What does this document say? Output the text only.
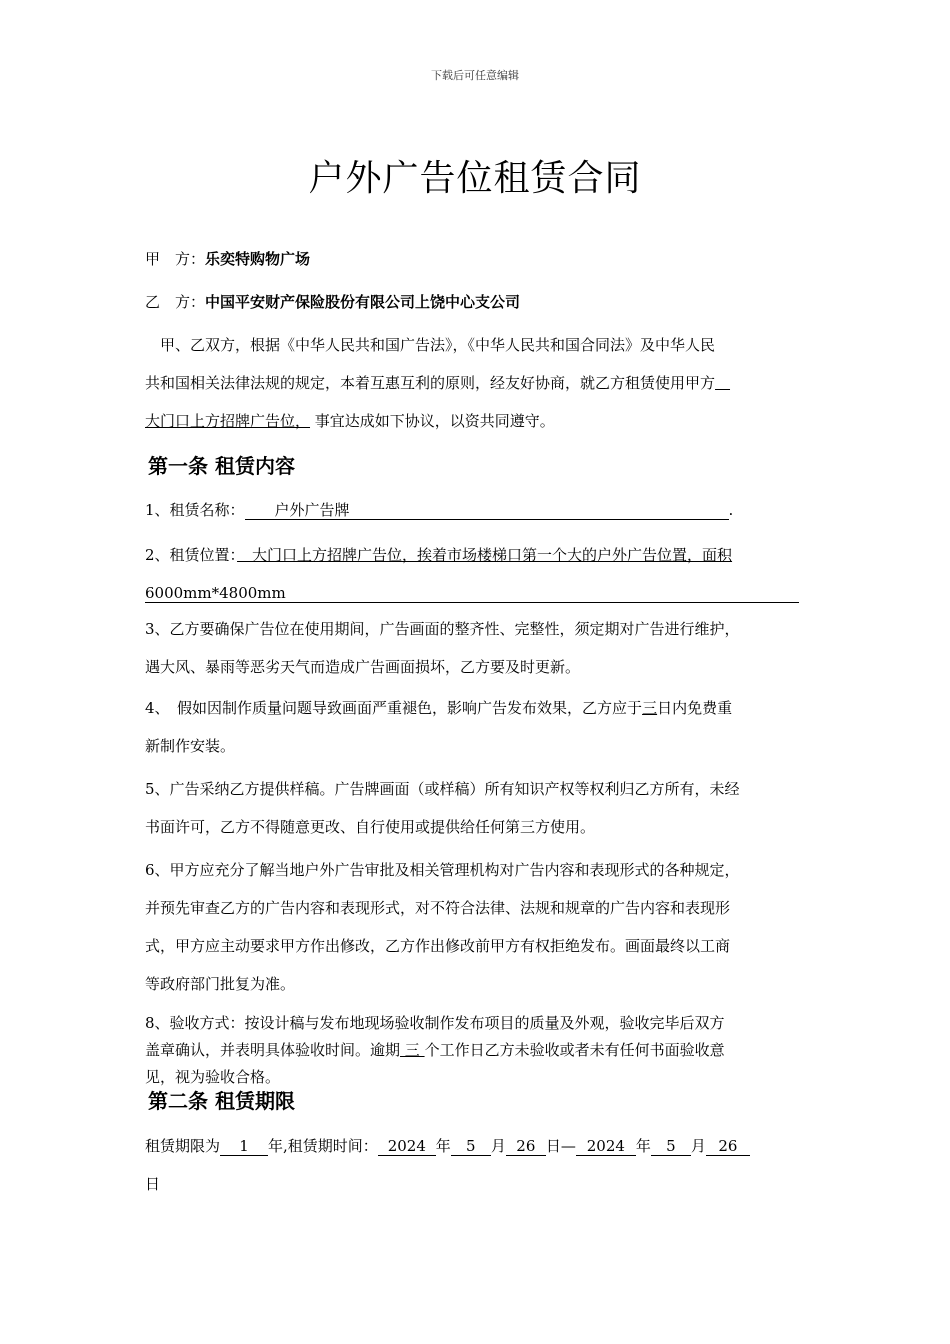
下载后可任意编辑
户外广告位租赁合同
甲　方：乐奕特购物广场
乙　方：中国平安财产保险股份有限公司上饶中心支公司

　甲、乙双方，根据《中华人民共和国广告法》，《中华人民共和国合同法》及中华人民

共和国相关法律法规的规定，本着互惠互利的原则，经友好协商，就乙方租赁使用甲方  

大门口上方招牌广告位， 事宜达成如下协议，以资共同遵守。

第一条 租赁内容
1、租赁名称：　　户外广告牌	.

2、租赁位置：　大门口上方招牌广告位，挨着市场楼梯口第一个大的户外广告位置，面积

6000mm*4800mm

3、乙方要确保广告位在使用期间，广告画面的整齐性、完整性，须定期对广告进行维护，

遇大风、暴雨等恶劣天气而造成广告画面损坏，乙方要及时更新。

4、　假如因制作质量问题导致画面严重褪色，影响广告发布效果，乙方应于三日内免费重

新制作安装。

5、广告采纳乙方提供样稿。广告牌画面（或样稿）所有知识产权等权利归乙方所有，未经

书面许可，乙方不得随意更改、自行使用或提供给任何第三方使用。

6、甲方应充分了解当地户外广告审批及相关管理机构对广告内容和表现形式的各种规定，

并预先审查乙方的广告内容和表现形式，对不符合法律、法规和规章的广告内容和表现形

式，甲方应主动要求甲方作出修改，乙方作出修改前甲方有权拒绝发布。画面最终以工商

等政府部门批复为准。

8、验收方式：按设计稿与发布地现场验收制作发布项目的质量及外观，验收完毕后双方

盖章确认，并表明具体验收时间。逾期 三 个工作日乙方未验收或者未有任何书面验收意

见，视为验收合格。

第二条 租赁期限

租赁期限为 1 年,租赁期时间： 2024 年 5 月 26 日— 2024 年 5 月 26

日
